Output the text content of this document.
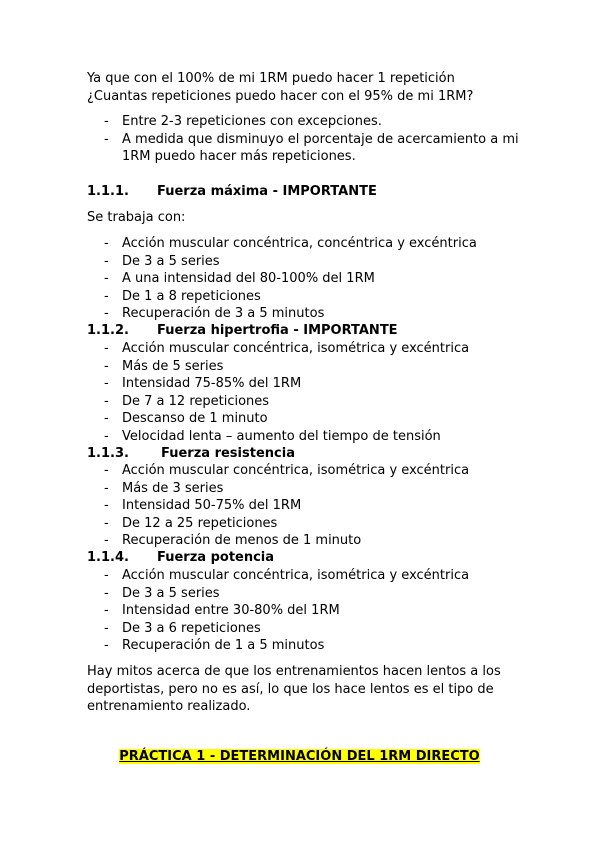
Ya que con el 100% de mi 1RM puedo hacer 1 repetición
¿Cuantas repeticiones puedo hacer con el 95% de mi 1RM?

- Entre 2-3 repeticiones con excepciones.
- A medida que disminuyo el porcentaje de acercamiento a mi 1RM puedo hacer más repeticiones.
1.1.1. Fuerza máxima - IMPORTANTE

Se trabaja con:

- Acción muscular concéntrica, concéntrica y excéntrica
- De 3 a 5 series
- A una intensidad del 80-100% del 1RM
- De 1 a 8 repeticiones
- Recuperación de 3 a 5 minutos
1.1.2. Fuerza hipertrofia - IMPORTANTE
- Acción muscular concéntrica, isométrica y excéntrica
- Más de 5 series
- Intensidad 75-85% del 1RM
- De 7 a 12 repeticiones
- Descanso de 1 minuto
- Velocidad lenta – aumento del tiempo de tensión
1.1.3. Fuerza resistencia
- Acción muscular concéntrica, isométrica y excéntrica
- Más de 3 series
- Intensidad 50-75% del 1RM
- De 12 a 25 repeticiones
- Recuperación de menos de 1 minuto
1.1.4. Fuerza potencia
- Acción muscular concéntrica, isométrica y excéntrica
- De 3 a 5 series
- Intensidad entre 30-80% del 1RM
- De 3 a 6 repeticiones
- Recuperación de 1 a 5 minutos

Hay mitos acerca de que los entrenamientos hacen lentos a los deportistas, pero no es así, lo que los hace lentos es el tipo de entrenamiento realizado.

PRÁCTICA 1 - DETERMINACIÓN DEL 1RM DIRECTO
